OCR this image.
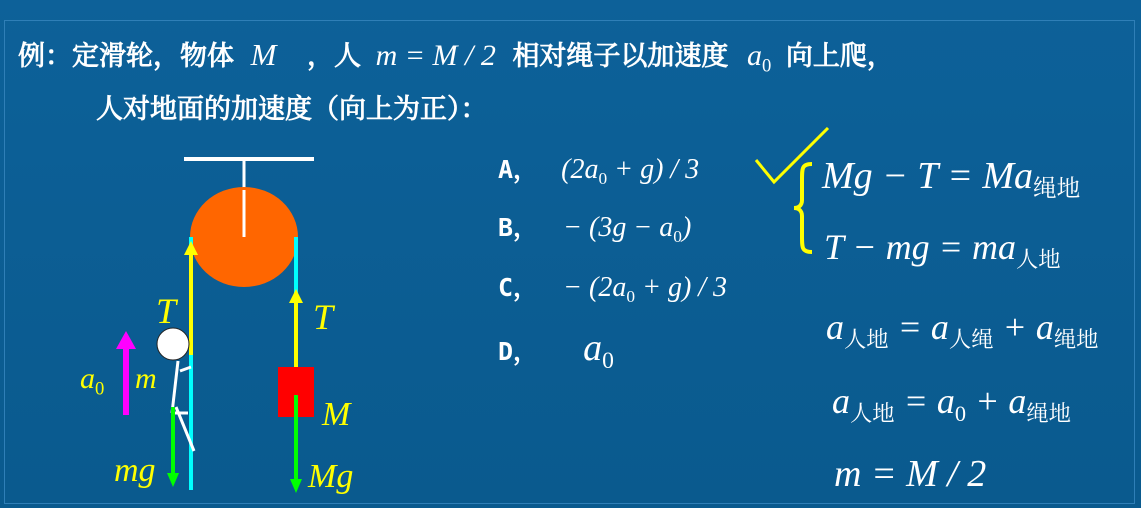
例：定滑轮，物体 M ，人 m = M / 2 相对绳子以加速度 $a_0$ 向上爬，
人对地面的加速度（向上为正）：
A， $(2a_0 + g) / 3$
B， − $(3g - a_0)$
C， − $(2a_0 + g) / 3$
D， $a_0$
$Mg - T = Ma_{绳地}$
T − mg = $ma_{人地}$
$a_{人地} = a_{人绳} + a_{绳地}$
$a_{人地} = a_0 + a_{绳地}$
m = M / 2
T	T
$a_0$ m
M
mg	Mg
